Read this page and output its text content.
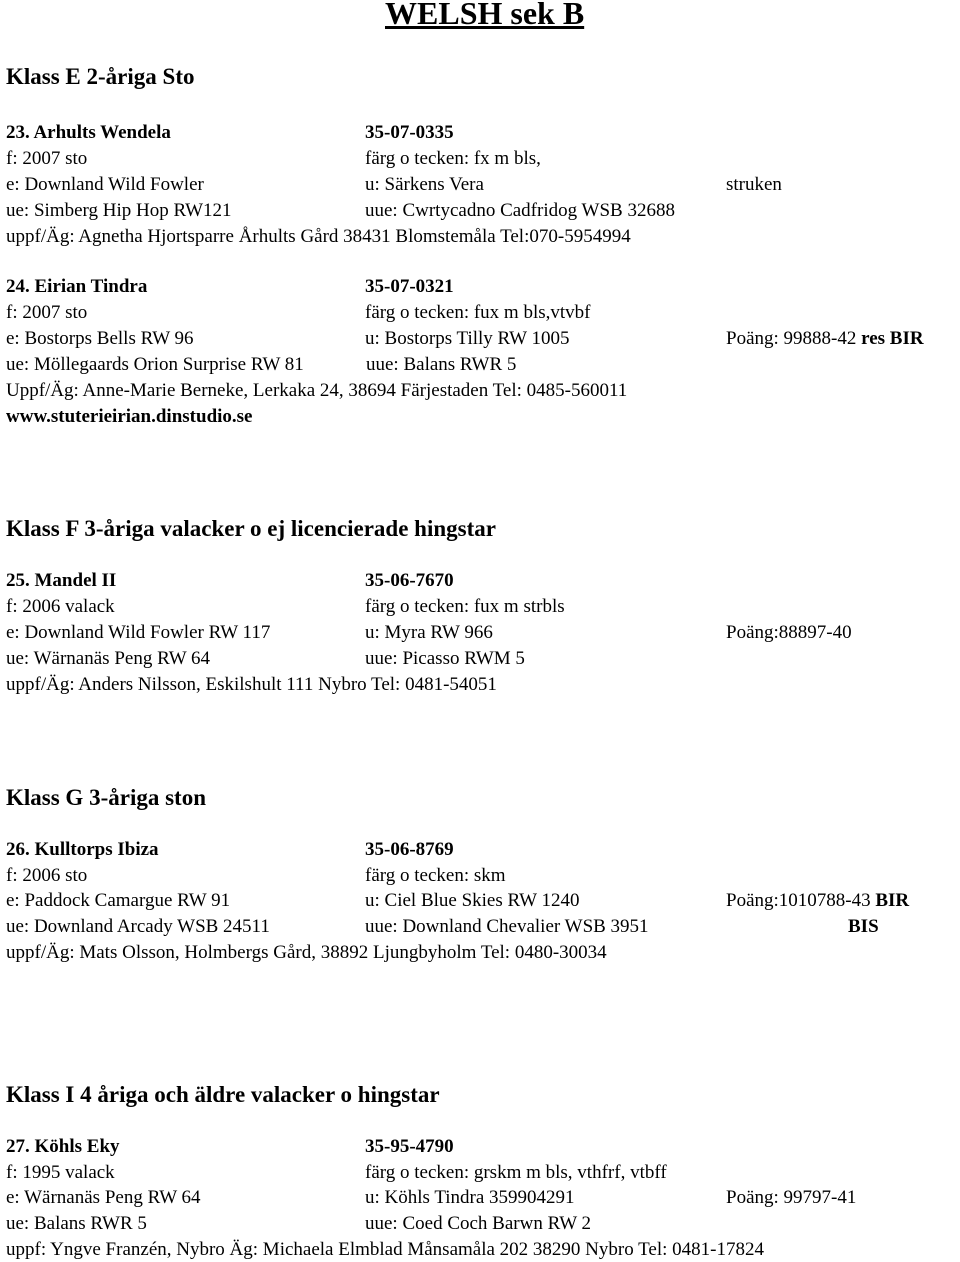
WELSH sek B
Klass E 2-åriga Sto
23. Arhults Wendela	35-07-0335
f: 2007 sto	färg o tecken: fx m bls,
e: Downland Wild Fowler	u: Särkens Vera	struken
ue: Simberg Hip Hop RW121	uue: Cwrtycadno Cadfridog WSB 32688
uppf/Äg: Agnetha Hjortsparre Århults Gård 38431 Blomstemåla Tel:070-5954994
24. Eirian Tindra	35-07-0321
f: 2007 sto	färg o tecken: fux m bls,vtvbf
e: Bostorps Bells RW 96	u: Bostorps Tilly RW 1005	Poäng: 99888-42 res BIR
ue: Möllegaards Orion Surprise RW 81	uue: Balans RWR 5
Uppf/Äg: Anne-Marie Berneke, Lerkaka 24, 38694 Färjestaden Tel: 0485-560011
www.stuterieirian.dinstudio.se
Klass F 3-åriga valacker o ej licencierade hingstar
25. Mandel II	35-06-7670
f: 2006 valack	färg o tecken: fux m strbls
e: Downland Wild Fowler RW 117	u: Myra RW 966	Poäng:88897-40
ue: Wärnanäs Peng RW 64	uue: Picasso RWM 5
uppf/Äg: Anders Nilsson, Eskilshult 111 Nybro Tel: 0481-54051
Klass G 3-åriga ston
26. Kulltorps Ibiza	35-06-8769
f: 2006 sto	färg o tecken: skm
e: Paddock Camargue RW 91	u: Ciel Blue Skies RW 1240	Poäng:1010788-43 BIR
ue: Downland Arcady WSB 24511	uue: Downland Chevalier WSB 3951	BIS
uppf/Äg: Mats Olsson, Holmbergs Gård, 38892 Ljungbyholm Tel: 0480-30034
Klass I 4 åriga och äldre valacker o hingstar
27. Köhls Eky	35-95-4790
f: 1995 valack	färg o tecken: grskm m bls, vthfrf, vtbff
e: Wärnanäs Peng RW 64	u: Köhls Tindra 359904291	Poäng: 99797-41
ue: Balans RWR 5	uue: Coed Coch Barwn RW 2
uppf: Yngve Franzén, Nybro Äg: Michaela Elmblad Månsamåla 202 38290 Nybro Tel: 0481-17824
